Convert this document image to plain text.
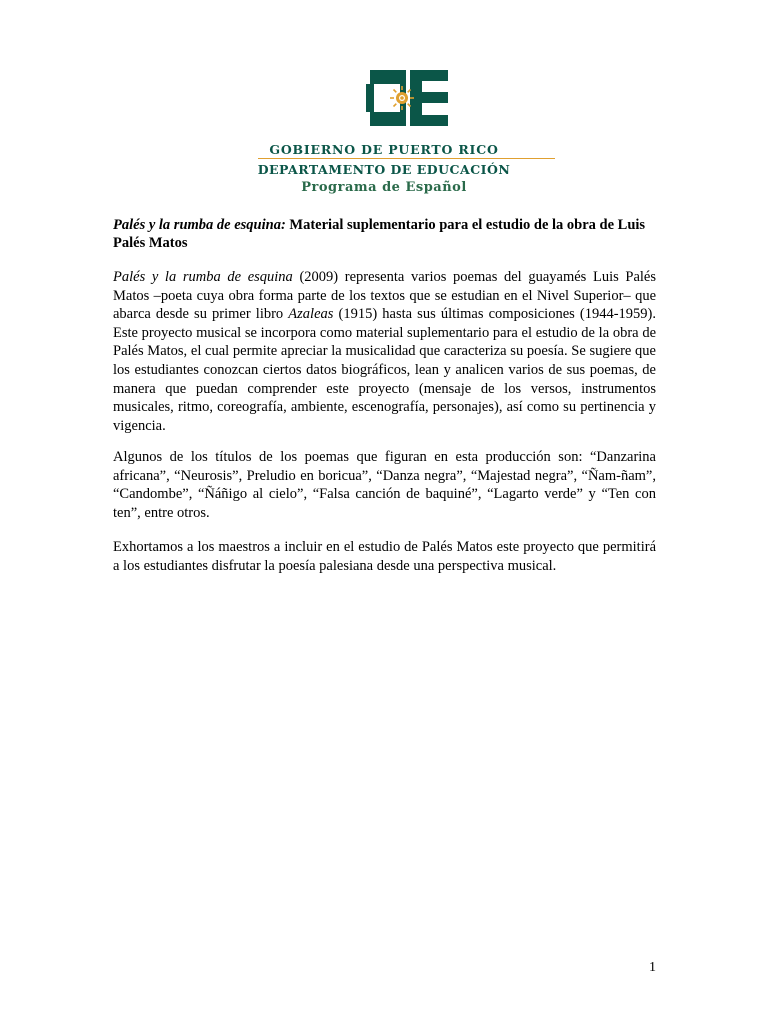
GOBIERNO DE PUERTO RICO
DEPARTAMENTO DE EDUCACIÓN
Programa de Español
Palés y la rumba de esquina: Material suplementario para el estudio de la obra de Luis Palés Matos

Palés y la rumba de esquina (2009) representa varios poemas del guayamés Luis Palés Matos –poeta cuya obra forma parte de los textos que se estudian en el Nivel Superior– que abarca desde su primer libro Azaleas (1915) hasta sus últimas composiciones (1944-1959). Este proyecto musical se incorpora como material suplementario para el estudio de la obra de Palés Matos, el cual permite apreciar la musicalidad que caracteriza su poesía. Se sugiere que los estudiantes conozcan ciertos datos biográficos, lean y analicen varios de sus poemas, de manera que puedan comprender este proyecto (mensaje de los versos, instrumentos musicales, ritmo, coreografía, ambiente, escenografía, personajes), así como su pertinencia y vigencia.

Algunos de los títulos de los poemas que figuran en esta producción son: “Danzarina africana”, “Neurosis”, Preludio en boricua”, “Danza negra”, “Majestad negra”, “Ñam-ñam”, “Candombe”, “Ñáñigo al cielo”, “Falsa canción de baquiné”, “Lagarto verde” y “Ten con ten”, entre otros.

Exhortamos a los maestros a incluir en el estudio de Palés Matos este proyecto que permitirá a los estudiantes disfrutar la poesía palesiana desde una perspectiva musical.

1
